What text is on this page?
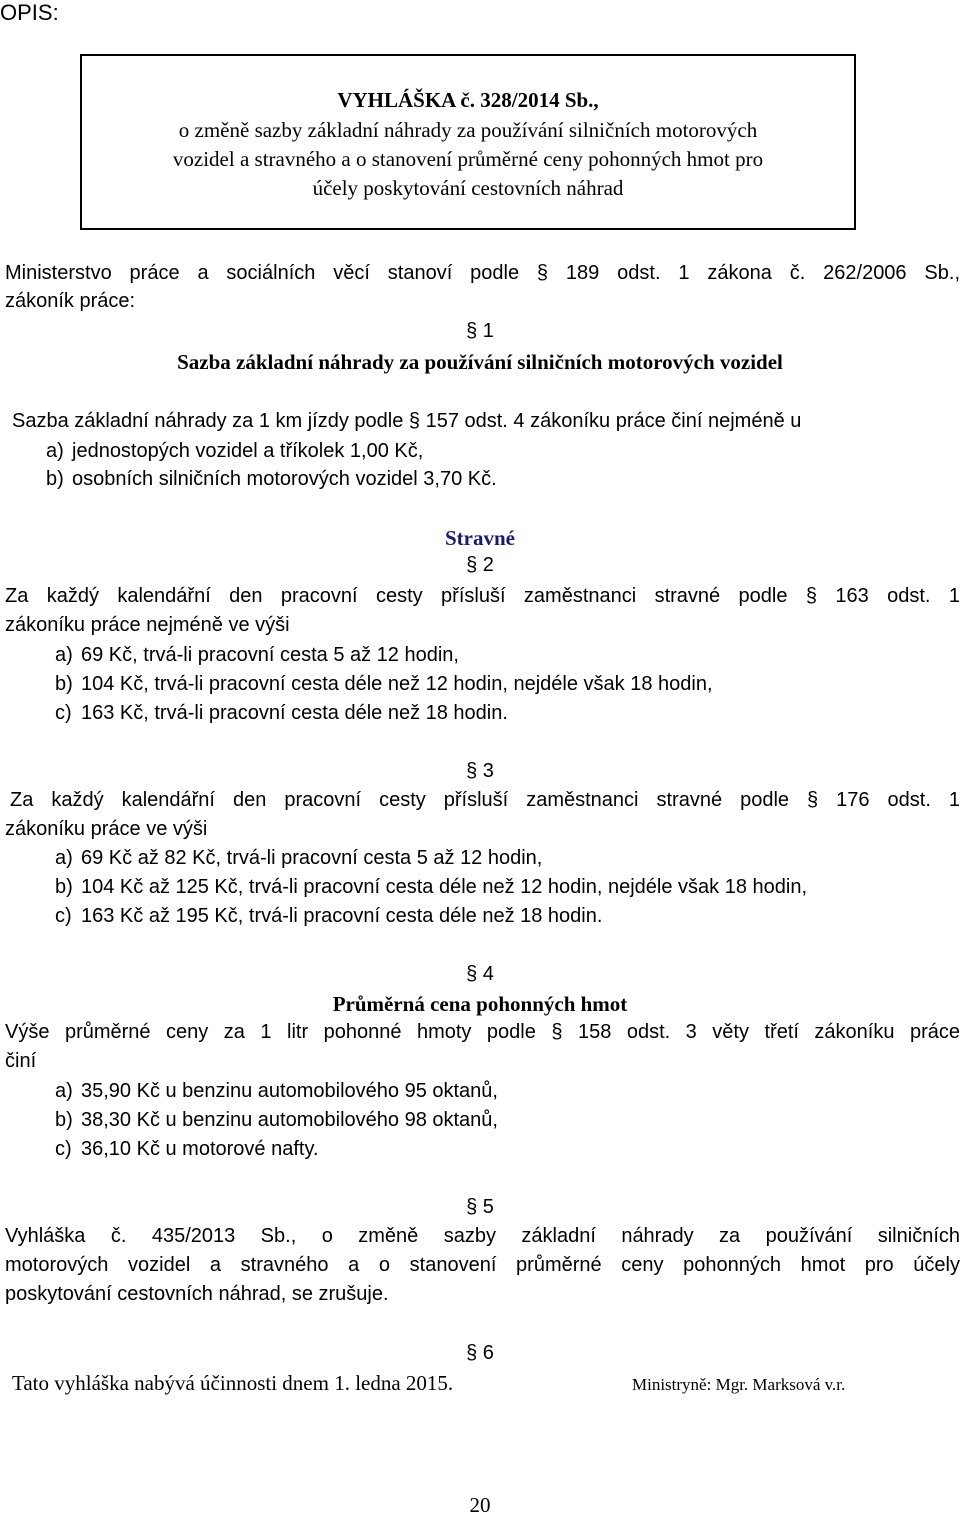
OPIS:
VYHLÁŠKA č. 328/2014 Sb.,
o změně sazby základní náhrady za používání silničních motorových
vozidel a stravného a o stanovení průměrné ceny pohonných hmot pro
účely poskytování cestovních náhrad
Ministerstvo práce a sociálních věcí stanoví podle § 189 odst. 1 zákona č. 262/2006 Sb.,
zákoník práce:
§ 1
Sazba základní náhrady za používání silničních motorových vozidel
Sazba základní náhrady za 1 km jízdy podle § 157 odst. 4 zákoníku práce činí nejméně u
a) jednostopých vozidel a tříkolek 1,00 Kč,
b) osobních silničních motorových vozidel 3,70 Kč.
Stravné
§ 2
Za každý kalendářní den pracovní cesty přísluší zaměstnanci stravné podle § 163 odst. 1
zákoníku práce nejméně ve výši
a) 69 Kč, trvá-li pracovní cesta 5 až 12 hodin,
b) 104 Kč, trvá-li pracovní cesta déle než 12 hodin, nejdéle však 18 hodin,
c) 163 Kč, trvá-li pracovní cesta déle než 18 hodin.
§ 3
Za každý kalendářní den pracovní cesty přísluší zaměstnanci stravné podle § 176 odst. 1
zákoníku práce ve výši
a) 69 Kč až 82 Kč, trvá-li pracovní cesta 5 až 12 hodin,
b) 104 Kč až 125 Kč, trvá-li pracovní cesta déle než 12 hodin, nejdéle však 18 hodin,
c) 163 Kč až 195 Kč, trvá-li pracovní cesta déle než 18 hodin.
§ 4
Průměrná cena pohonných hmot
Výše průměrné ceny za 1 litr pohonné hmoty podle § 158 odst. 3 věty třetí zákoníku práce
činí
a) 35,90 Kč u benzinu automobilového 95 oktanů,
b) 38,30 Kč u benzinu automobilového 98 oktanů,
c) 36,10 Kč u motorové nafty.
§ 5
Vyhláška č. 435/2013 Sb., o změně sazby základní náhrady za používání silničních
motorových vozidel a stravného a o stanovení průměrné ceny pohonných hmot pro účely
poskytování cestovních náhrad, se zrušuje.
§ 6
Tato vyhláška nabývá účinnosti dnem 1. ledna 2015.	Ministryně: Mgr. Marksová v.r.
20
